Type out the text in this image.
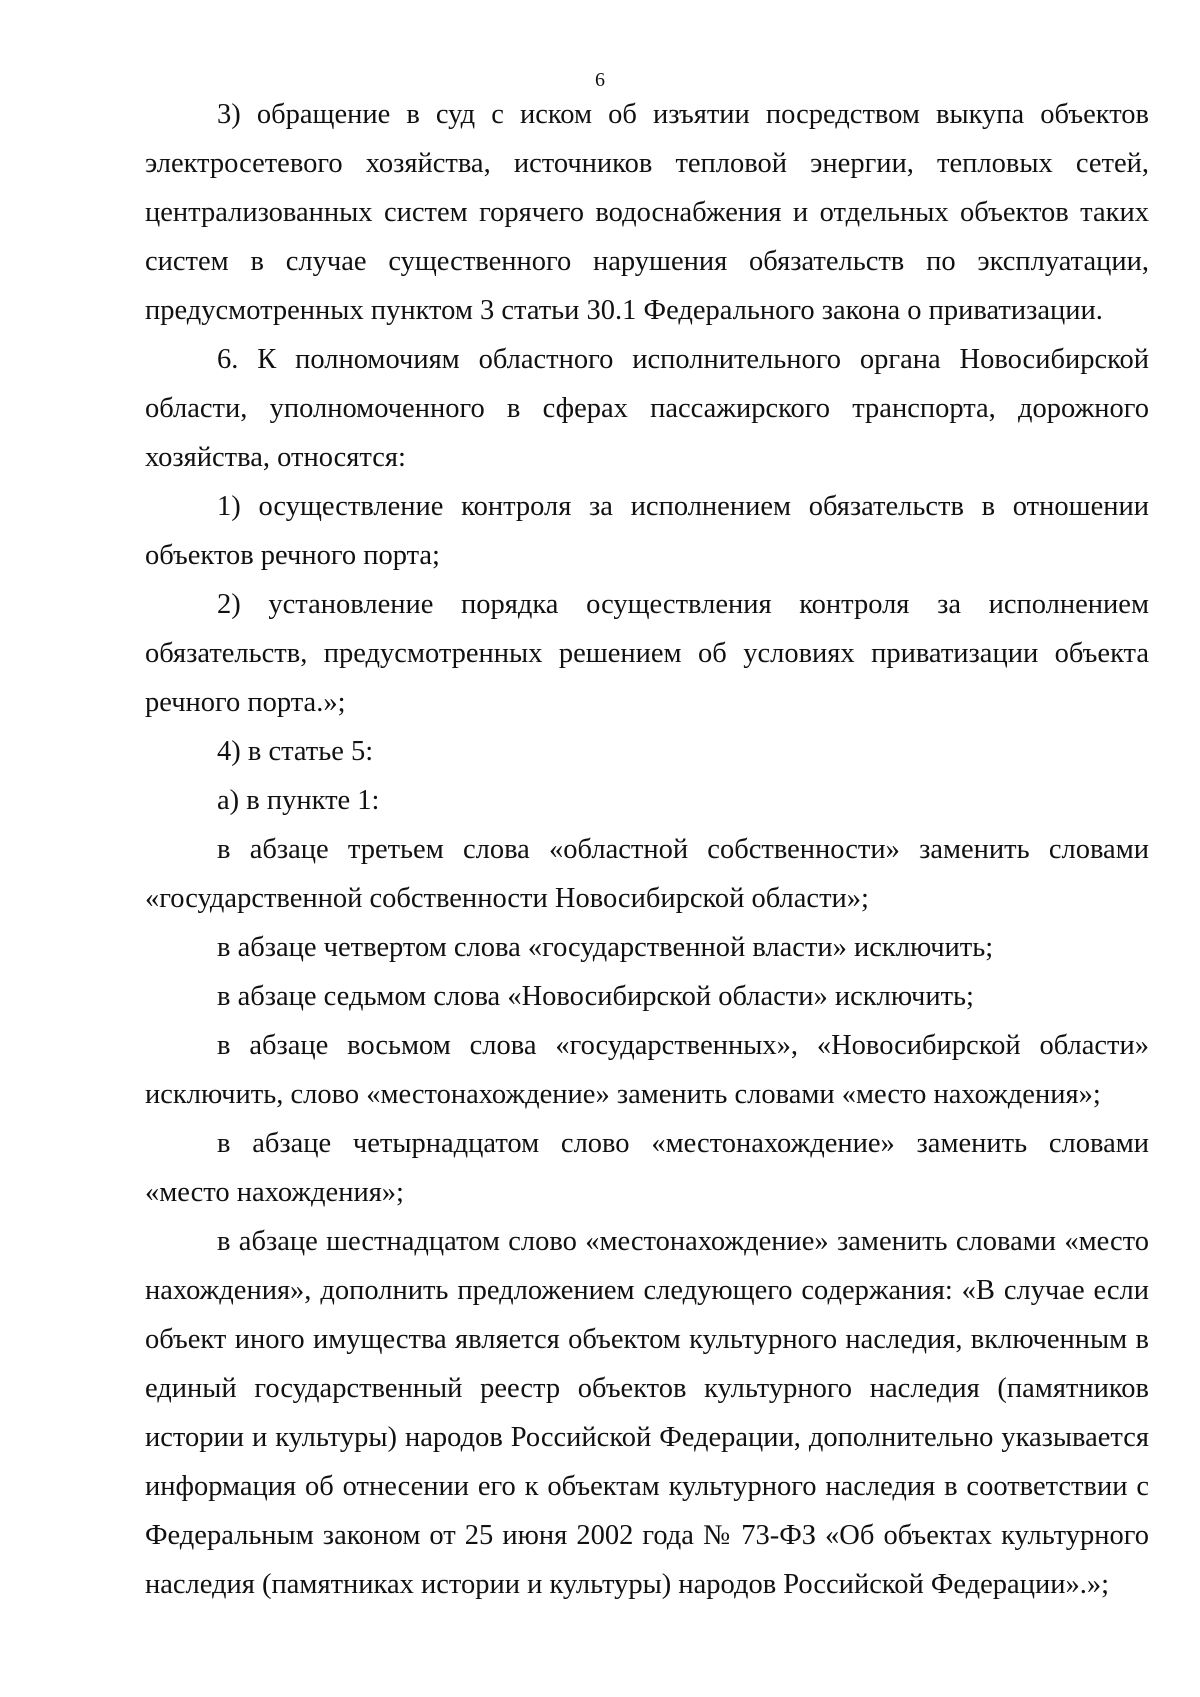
6

3) обращение в суд с иском об изъятии посредством выкупа объектов электросетевого хозяйства, источников тепловой энергии, тепловых сетей, централизованных систем горячего водоснабжения и отдельных объектов таких систем в случае существенного нарушения обязательств по эксплуатации, предусмотренных пунктом 3 статьи 30.1 Федерального закона о приватизации.

6. К полномочиям областного исполнительного органа Новосибирской области, уполномоченного в сферах пассажирского транспорта, дорожного хозяйства, относятся:

1) осуществление контроля за исполнением обязательств в отношении объектов речного порта;

2) установление порядка осуществления контроля за исполнением обязательств, предусмотренных решением об условиях приватизации объекта речного порта.»;

4) в статье 5:

а) в пункте 1:

в абзаце третьем слова «областной собственности» заменить словами «государственной собственности Новосибирской области»;

в абзаце четвертом слова «государственной власти» исключить;

в абзаце седьмом слова «Новосибирской области» исключить;

в абзаце восьмом слова «государственных», «Новосибирской области» исключить, слово «местонахождение» заменить словами «место нахождения»;

в абзаце четырнадцатом слово «местонахождение» заменить словами «место нахождения»;

в абзаце шестнадцатом слово «местонахождение» заменить словами «место нахождения», дополнить предложением следующего содержания: «В случае если объект иного имущества является объектом культурного наследия, включенным в единый государственный реестр объектов культурного наследия (памятников истории и культуры) народов Российской Федерации, дополнительно указывается информация об отнесении его к объектам культурного наследия в соответствии с Федеральным законом от 25 июня 2002 года № 73-ФЗ «Об объектах культурного наследия (памятниках истории и культуры) народов Российской Федерации».»;
